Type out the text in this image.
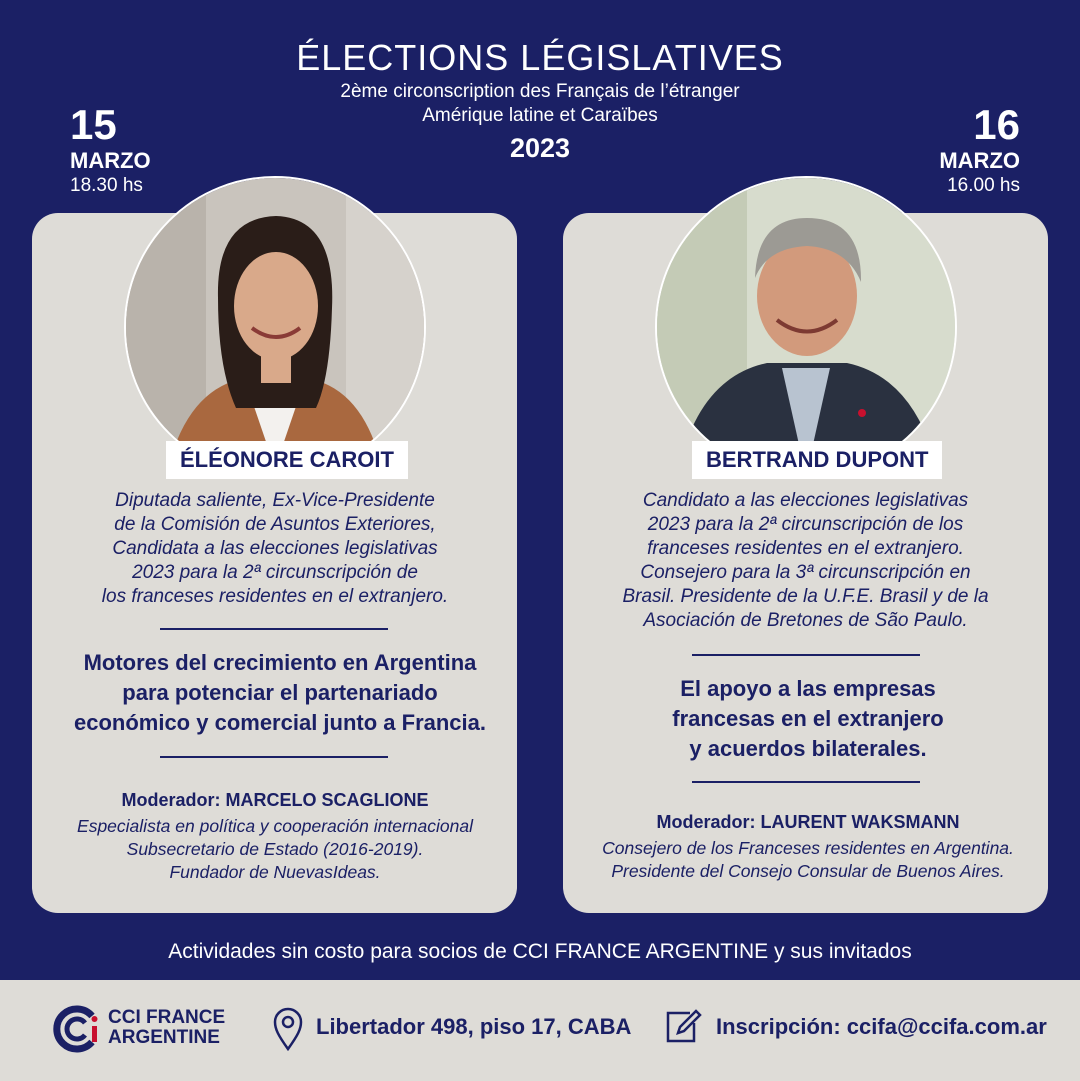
ÉLECTIONS LÉGISLATIVES
2ème circonscription des Français de l’étranger
Amérique latine et Caraïbes
2023
15
MARZO
18.30 hs
16
MARZO
16.00 hs
ÉLÉONORE CAROIT	BERTRAND DUPONT
Diputada saliente, Ex-Vice-Presidente
de la Comisión de Asuntos Exteriores,
Candidata a las elecciones legislativas
2023 para la 2ª circunscripción de
los franceses residentes en el extranjero.
Motores del crecimiento en Argentina
para potenciar el partenariado
económico y comercial junto a Francia.
Moderador: MARCELO SCAGLIONE
Especialista en política y cooperación internacional
Subsecretario de Estado (2016-2019).
Fundador de NuevasIdeas.
Candidato a las elecciones legislativas
2023 para la 2ª circunscripción de los
franceses residentes en el extranjero.
Consejero para la 3ª circunscripción en
Brasil. Presidente de la U.F.E. Brasil y de la
Asociación de Bretones de São Paulo.
El apoyo a las empresas
francesas en el extranjero
y acuerdos bilaterales.
Moderador: LAURENT WAKSMANN
Consejero de los Franceses residentes en Argentina.
Presidente del Consejo Consular de Buenos Aires.
Actividades sin costo para socios de CCI FRANCE ARGENTINE y sus invitados
CCI FRANCE
ARGENTINE	Libertador 498, piso 17, CABA	Inscripción: ccifa@ccifa.com.ar
